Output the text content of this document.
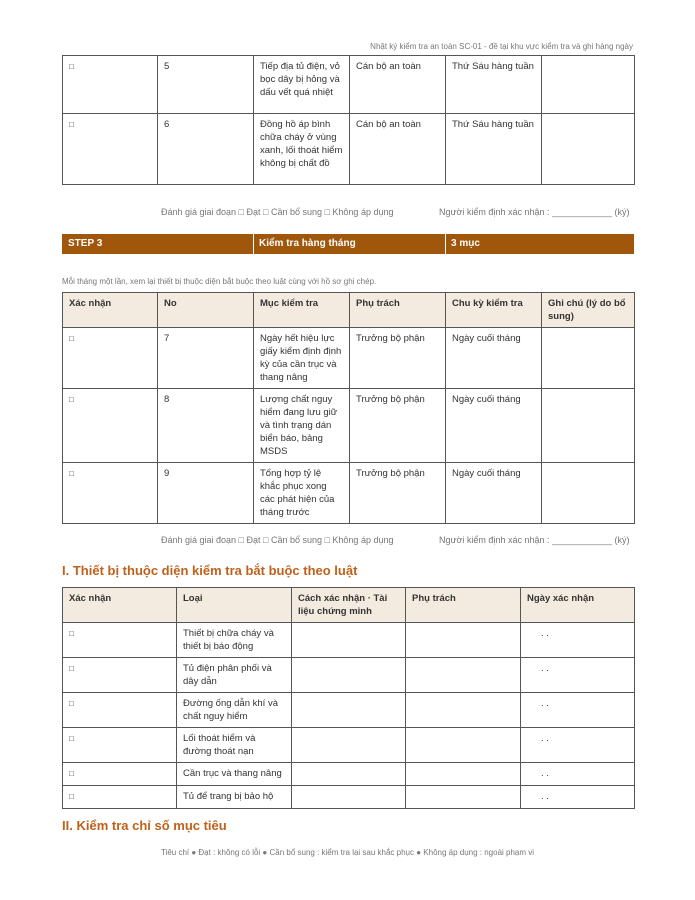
Nhật ký kiểm tra an toàn SC-01 - đề tại khu vực kiểm tra và ghi hàng ngày
□	5	Tiếp địa tủ điện, vỏ bọc dây bị hỏng và dấu vết quá nhiệt	Cán bộ an toàn	Thứ Sáu hàng tuần	
□	6	Đồng hồ áp bình chữa cháy ở vùng xanh, lối thoát hiểm không bị chất đồ	Cán bộ an toàn	Thứ Sáu hàng tuần	
Đánh giá giai đoạn □ Đạt □ Cần bổ sung □ Không áp dụng	Người kiểm định xác nhận : ____________ (ký)
STEP 3	Kiểm tra hàng tháng	3 mục
Mỗi tháng một lần, xem lại thiết bị thuộc diện bắt buộc theo luật cùng với hồ sơ ghi chép.
Xác nhận	No	Mục kiểm tra	Phụ trách	Chu kỳ kiểm tra	Ghi chú (lý do bổ sung)
□	7	Ngày hết hiệu lực giấy kiểm định định kỳ của cần trục và thang nâng	Trưởng bộ phận	Ngày cuối tháng	
□	8	Lượng chất nguy hiểm đang lưu giữ và tình trạng dán biển báo, bảng MSDS	Trưởng bộ phận	Ngày cuối tháng	
□	9	Tổng hợp tỷ lệ khắc phục xong các phát hiện của tháng trước	Trưởng bộ phận	Ngày cuối tháng	
Đánh giá giai đoạn □ Đạt □ Cần bổ sung □ Không áp dụng	Người kiểm định xác nhận : ____________ (ký)
I. Thiết bị thuộc diện kiểm tra bắt buộc theo luật
Xác nhận	Loại	Cách xác nhận · Tài liệu chứng minh	Phụ trách	Ngày xác nhận
□	Thiết bị chữa cháy và thiết bị báo động			. .
□	Tủ điện phân phối và dây dẫn			. .
□	Đường ống dẫn khí và chất nguy hiểm			. .
□	Lối thoát hiểm và đường thoát nạn			. .
□	Cần trục và thang nâng			. .
□	Tủ để trang bị bảo hộ			. .
II. Kiểm tra chỉ số mục tiêu
Tiêu chí ● Đạt : không có lỗi ● Cần bổ sung : kiểm tra lại sau khắc phục ● Không áp dụng : ngoài phạm vi
